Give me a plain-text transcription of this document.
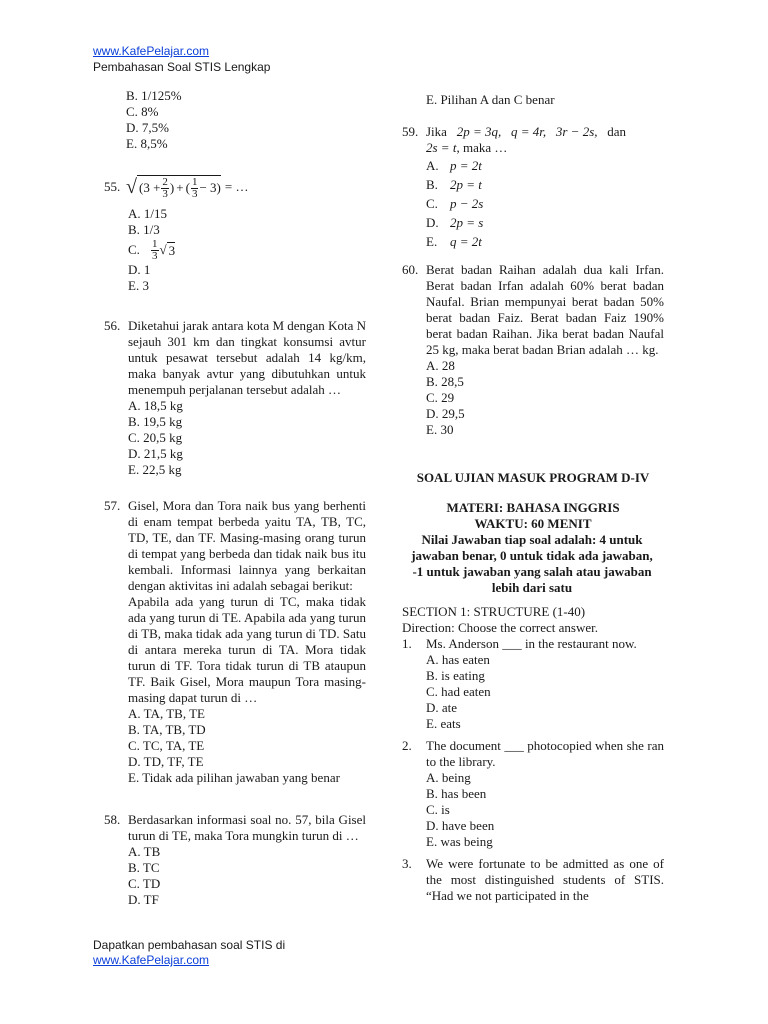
www.KafePelajar.com
Pembahasan Soal STIS Lengkap
B. 1/125%
C. 8%
D. 7,5%
E. 8,5%
55. √ ( $3 + \frac{2}{3}$ ) + ( $\frac{1}{3} - 3$ ) = …
A. 1/15
B. 1/3
C.	$\frac{1}{3}$ √ 3
D. 1
E. 3
56. Diketahui jarak antara kota M dengan Kota N sejauh 301 km dan tingkat konsumsi avtur untuk pesawat tersebut adalah 14 kg/km, maka banyak avtur yang dibutuhkan untuk menempuh perjalanan tersebut adalah …
A. 18,5 kg
B. 19,5 kg
C. 20,5 kg
D. 21,5 kg
E. 22,5 kg
57. Gisel, Mora dan Tora naik bus yang berhenti di enam tempat berbeda yaitu TA, TB, TC, TD, TE, dan TF. Masing-masing orang turun di tempat yang berbeda dan tidak naik bus itu kembali. Informasi lainnya yang berkaitan dengan aktivitas ini adalah sebagai berikut:
Apabila ada yang turun di TC, maka tidak ada yang turun di TE. Apabila ada yang turun di TB, maka tidak ada yang turun di TD. Satu di antara mereka turun di TA. Mora tidak turun di TF. Tora tidak turun di TB ataupun TF. Baik Gisel, Mora maupun Tora masing-masing dapat turun di …
A. TA, TB, TE
B. TA, TB, TD
C. TC, TA, TE
D. TD, TF, TE
E. Tidak ada pilihan jawaban yang benar
58. Berdasarkan informasi soal no. 57, bila Gisel turun di TE, maka Tora mungkin turun di …
A. TB
B. TC
C. TD
D. TF
E. Pilihan A dan C benar
59. Jika 2p = 3q, q = 4r, 3r − 2s, dan
2s = t, maka …
A. p = 2t
B. 2p = t
C. p − 2s
D. 2p = s
E. q = 2t
60. Berat badan Raihan adalah dua kali Irfan. Berat badan Irfan adalah 60% berat badan Naufal. Brian mempunyai berat badan 50% berat badan Faiz. Berat badan Faiz 190% berat badan Raihan. Jika berat badan Naufal 25 kg, maka berat badan Brian adalah … kg.
A. 28
B. 28,5
C. 29
D. 29,5
E. 30
SOAL UJIAN MASUK PROGRAM D-IV
MATERI: BAHASA INGGRIS
WAKTU: 60 MENIT
Nilai Jawaban tiap soal adalah: 4 untuk jawaban benar, 0 untuk tidak ada jawaban, -1 untuk jawaban yang salah atau jawaban lebih dari satu
SECTION 1: STRUCTURE (1-40)
Direction: Choose the correct answer.
1.	Ms. Anderson ___ in the restaurant now.
A. has eaten
B. is eating
C. had eaten
D. ate
E. eats
2.	The document ___ photocopied when she ran to the library.
A. being
B. has been
C. is
D. have been
E. was being
3.	We were fortunate to be admitted as one of the most distinguished students of STIS. “Had we not participated in the
Dapatkan pembahasan soal STIS di
www.KafePelajar.com
